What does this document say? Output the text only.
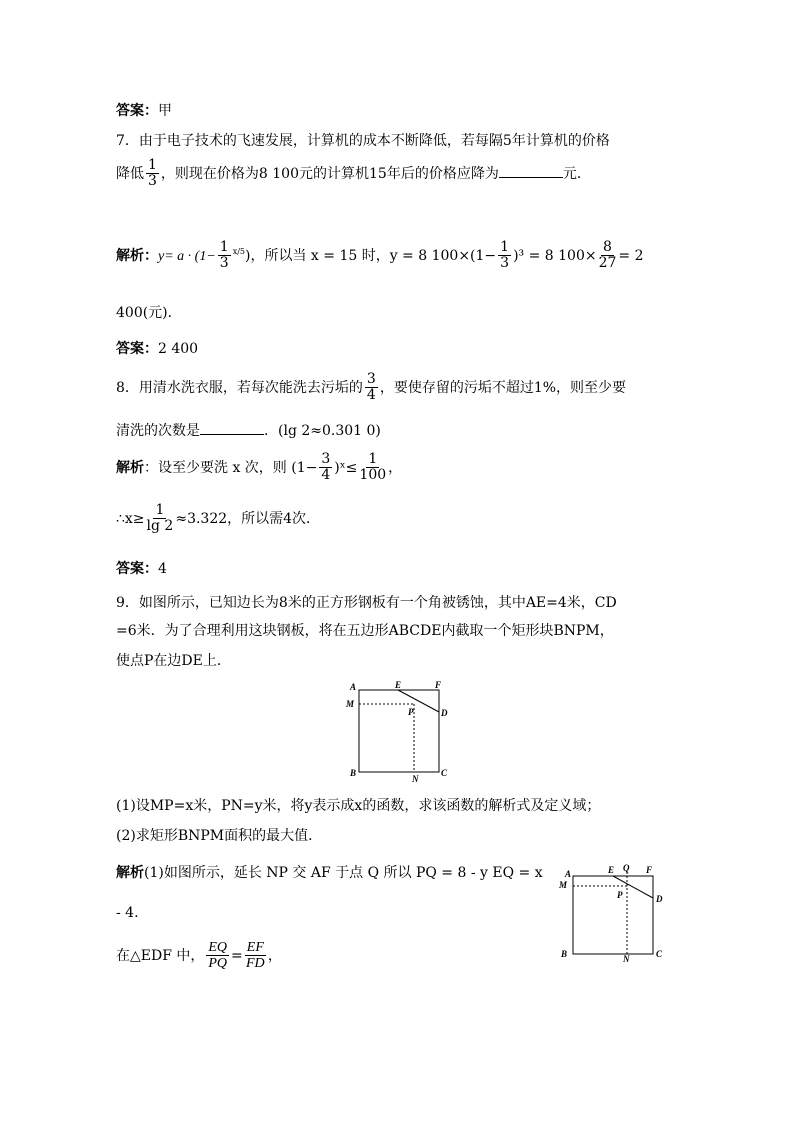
答案：甲
7．由于电子技术的飞速发展，计算机的成本不断降低，若每隔5年计算机的价格
降低 $\frac{1}{3}$ ，则现在价格为8 100元的计算机15年后的价格应降为	元．
解析：$y= a \cdot (1- \frac{1}{3} ^{x/5})$，所以当 x = 15 时，y = 8 $100\times(1- \frac{1}{3} )^3 = 8$ $100\times \frac{8}{27} = 2$
400(元)．
答案：2 400
8．用清水洗衣服，若每次能洗去污垢的 $\frac{3}{4}$ ，要使存留的污垢不超过1%，则至少要
清洗的次数是	．(lg 2≈0.301 0)
解析：设至少要洗 x 次，则 ($1- \frac{3}{4}$ )ˣ≤ $\frac{1}{100}$ ，
∴x≥ $\frac{1}{\lg 2} \approx 3.322$，所以需4次．
答案：4
9．如图所示，已知边长为8米的正方形钢板有一个角被锈蚀，其中AE=4米，CD
=6米．为了合理利用这块钢板，将在五边形ABCDE内截取一个矩形块BNPM，
使点P在边DE上．
A	E	F
M
P	D
B
N
C
(1)设MP=x米，PN=y米，将y表示成x的函数，求该函数的解析式及定义域；
(2)求矩形BNPM面积的最大值．
解析(1)如图所示，延长 NP 交 AF 于点 Q 所以 PQ = 8 - y EQ = x
- 4.
在△EDF 中， $\frac{EQ}{PQ} = \frac{EF}{FD}$ ，
A
M
E Q F
P	D
B	N	C
